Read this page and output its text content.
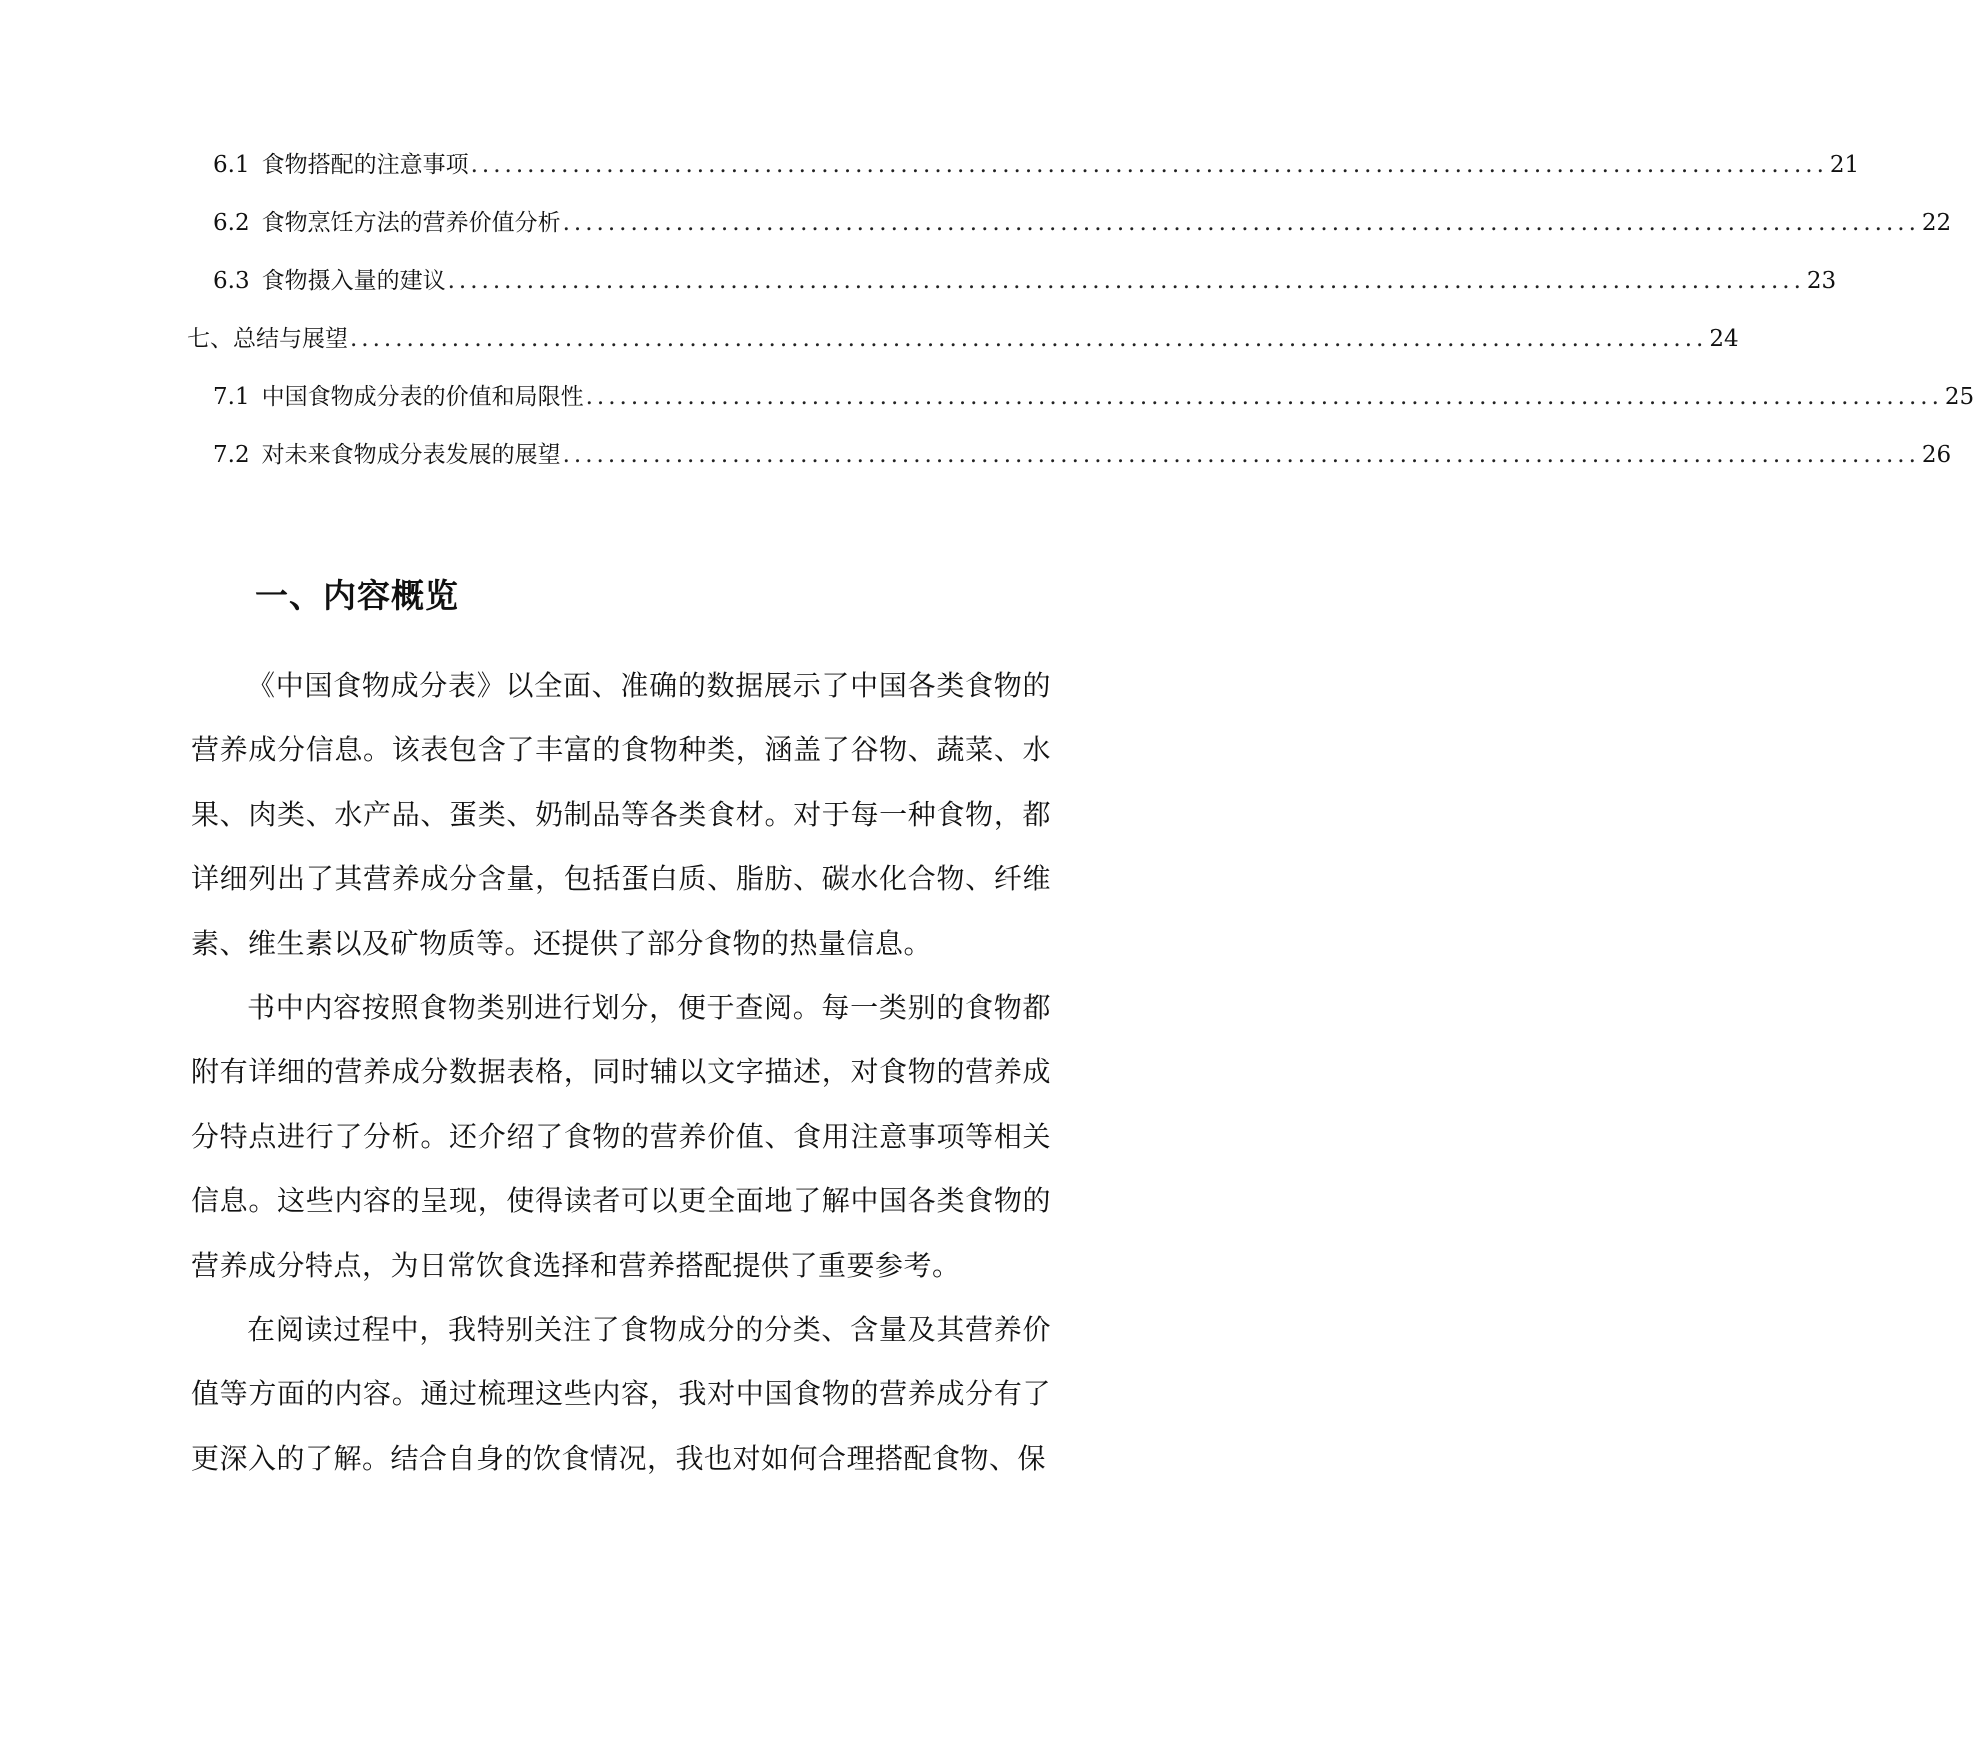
6.1 食物搭配的注意事项 ........................................................................................................................ 21
6.2 食物烹饪方法的营养价值分析 ........................................................................................................................ 22
6.3 食物摄入量的建议 ........................................................................................................................ 23
七、总结与展望 ........................................................................................................................ 24
7.1 中国食物成分表的价值和局限性 ........................................................................................................................ 25
7.2 对未来食物成分表发展的展望 ........................................................................................................................ 26
一、内容概览

《中国食物成分表》以全面、准确的数据展示了中国各类食物的营养成分信息。该表包含了丰富的食物种类，涵盖了谷物、蔬菜、水果、肉类、水产品、蛋类、奶制品等各类食材。对于每一种食物，都详细列出了其营养成分含量，包括蛋白质、脂肪、碳水化合物、纤维素、维生素以及矿物质等。还提供了部分食物的热量信息。

书中内容按照食物类别进行划分，便于查阅。每一类别的食物都附有详细的营养成分数据表格，同时辅以文字描述，对食物的营养成分特点进行了分析。还介绍了食物的营养价值、食用注意事项等相关信息。这些内容的呈现，使得读者可以更全面地了解中国各类食物的营养成分特点，为日常饮食选择和营养搭配提供了重要参考。

在阅读过程中，我特别关注了食物成分的分类、含量及其营养价值等方面的内容。通过梳理这些内容，我对中国食物的营养成分有了更深入的了解。结合自身的饮食情况，我也对如何合理搭配食物、保
